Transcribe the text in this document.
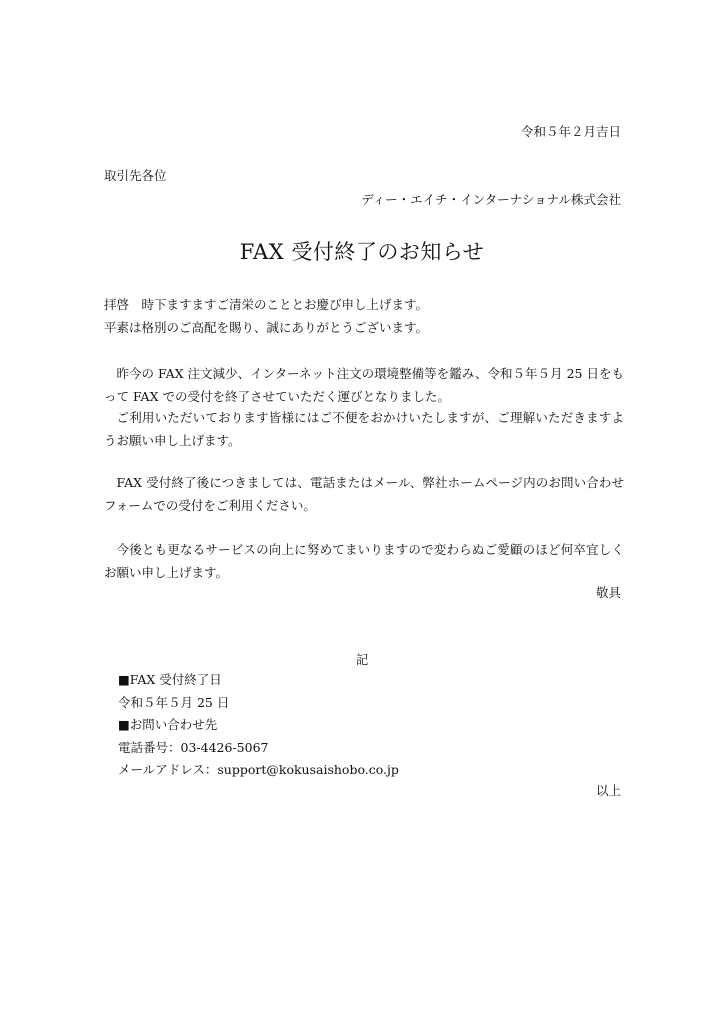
令和５年２月吉日
取引先各位
ディー・エイチ・インターナショナル株式会社
FAX 受付終了のお知らせ
拝啓　時下ますますご清栄のこととお慶び申し上げます。
平素は格別のご高配を賜り、誠にありがとうございます。
昨今の FAX 注文減少、インターネット注文の環境整備等を鑑み、令和５年５月 25 日をもって FAX での受付を終了させていただく運びとなりました。
ご利用いただいております皆様にはご不便をおかけいたしますが、ご理解いただきますようお願い申し上げます。
FAX 受付終了後につきましては、電話またはメール、弊社ホームページ内のお問い合わせフォームでの受付をご利用ください。
今後とも更なるサービスの向上に努めてまいりますので変わらぬご愛顧のほど何卒宜しくお願い申し上げます。
敬具
記
■FAX 受付終了日
令和５年５月 25 日
■お問い合わせ先
電話番号：03-4426-5067
メールアドレス：support@kokusaishobo.co.jp
以上
